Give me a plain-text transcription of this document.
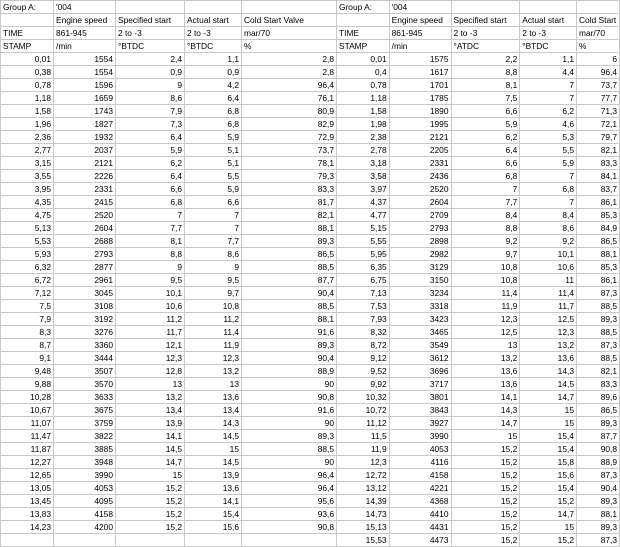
Group A:	'004			
	Engine speed	Specified start	Actual start	Cold Start Valve
TIME	861-945	2 to -3	2 to -3	mar/70
STAMP	/min	°BTDC	°BTDC	%
0,01	1554	2,4	1,1	2,8
0,38	1554	0,9	0,9	2,8
0,78	1596	9	4,2	96,4
1,18	1659	8,6	6,4	76,1
1,58	1743	7,9	6,8	80,9
1,96	1827	7,3	6,8	82,9
2,36	1932	6,4	5,9	72,9
2,77	2037	5,9	5,1	73,7
3,15	2121	6,2	5,1	78,1
3,55	2226	6,4	5,5	79,3
3,95	2331	6,6	5,9	83,3
4,35	2415	6,8	6,6	81,7
4,75	2520	7	7	82,1
5,13	2604	7,7	7	88,1
5,53	2688	8,1	7,7	89,3
5,93	2793	8,8	8,6	86,5
6,32	2877	9	9	88,5
6,72	2961	9,5	9,5	87,7
7,12	3045	10,1	9,7	90,4
7,5	3108	10,6	10,8	88,5
7,9	3192	11,2	11,2	88,1
8,3	3276	11,7	11,4	91,6
8,7	3360	12,1	11,9	89,3
9,1	3444	12,3	12,3	90,4
9,48	3507	12,8	13,2	88,9
9,88	3570	13	13	90
10,28	3633	13,2	13,6	90,8
10,67	3675	13,4	13,4	91,6
11,07	3759	13,9	14,3	90
11,47	3822	14,1	14,5	89,3
11,87	3885	14,5	15	88,5
12,27	3948	14,7	14,5	90
12,65	3990	15	13,9	96,4
13,05	4053	15,2	13,6	96,4
13,45	4095	15,2	14,1	95,6
13,83	4158	15,2	15,4	93,6
14,23	4200	15,2	15,6	90,8

Group A:	'004			
	Engine speed	Specified start	Actual start	Cold Start
TIME	861-945	2 to -3	2 to -3	mar/70
STAMP	/min	°ATDC	°BTDC	%
0,01	1575	2,2	1,1	6
0,4	1617	8,8	4,4	96,4
0,78	1701	8,1	7	73,7
1,18	1785	7,5	7	77,7
1,58	1890	6,6	6,2	71,3
1,98	1995	5,9	4,6	72,1
2,38	2121	6,2	5,3	79,7
2,78	2205	6,4	5,5	82,1
3,18	2331	6,6	5,9	83,3
3,58	2436	6,8	7	84,1
3,97	2520	7	6,8	83,7
4,37	2604	7,7	7	86,1
4,77	2709	8,4	8,4	85,3
5,15	2793	8,8	8,6	84,9
5,55	2898	9,2	9,2	86,5
5,95	2982	9,7	10,1	88,1
6,35	3129	10,8	10,6	85,3
6,75	3150	10,8	11	86,1
7,13	3234	11,4	11,4	87,3
7,53	3318	11,9	11,7	88,5
7,93	3423	12,3	12,5	89,3
8,32	3465	12,5	12,3	88,5
8,72	3549	13	13,2	87,3
9,12	3612	13,2	13,6	88,5
9,52	3696	13,6	14,3	82,1
9,92	3717	13,6	14,5	83,3
10,32	3801	14,1	14,7	89,6
10,72	3843	14,3	15	86,5
11,12	3927	14,7	15	89,3
11,5	3990	15	15,4	87,7
11,9	4053	15,2	15,4	90,8
12,3	4116	15,2	15,8	88,9
12,72	4158	15,2	15,6	87,3
13,12	4221	15,2	15,4	90,4
14,39	4368	15,2	15,2	89,3
14,73	4410	15,2	14,7	88,1
15,13	4431	15,2	15	89,3
15,53	4473	15,2	15,2	87,3
